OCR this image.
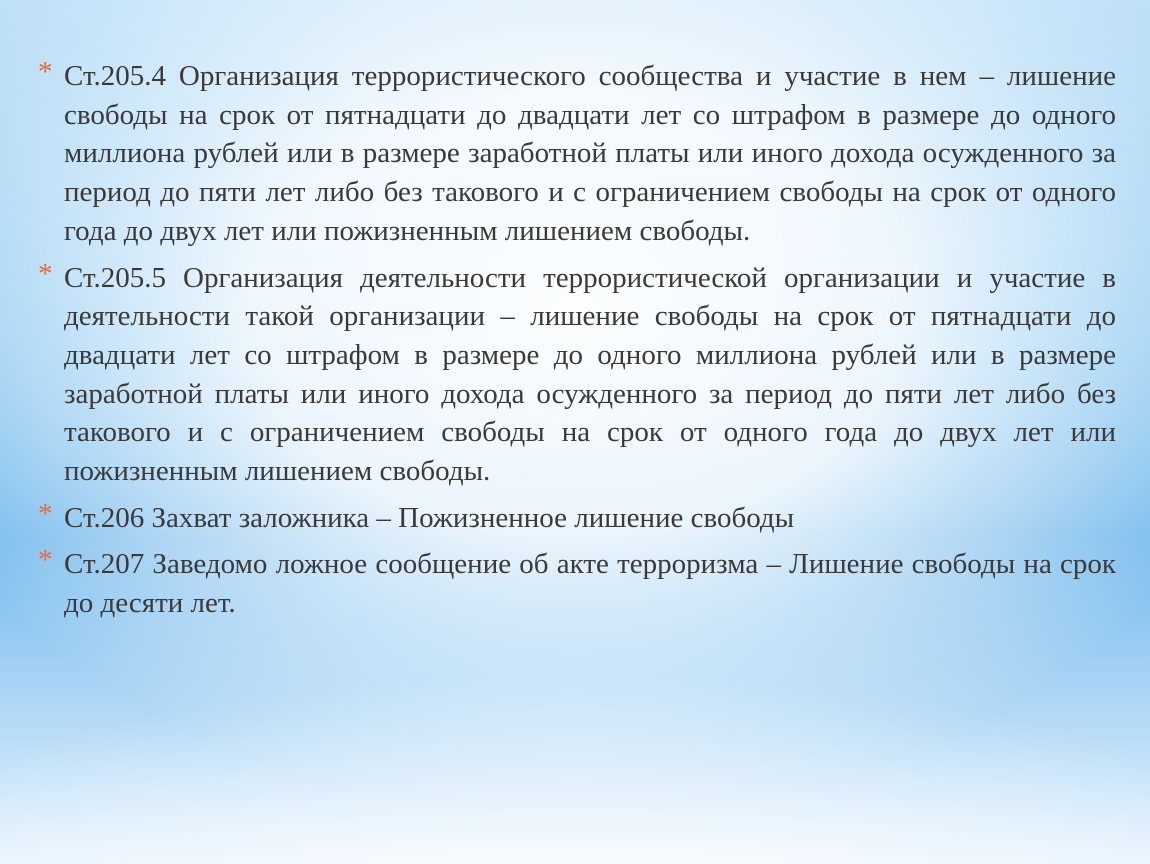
* Ст.205.4 Организация террористического сообщества и участие в нем – лишение свободы на срок от пятнадцати до двадцати лет со штрафом в размере до одного миллиона рублей или в размере заработной платы или иного дохода осужденного за период до пяти лет либо без такового и с ограничением свободы на срок от одного года до двух лет или пожизненным лишением свободы.
* Ст.205.5 Организация деятельности террористической организации и участие в деятельности такой организации – лишение свободы на срок от пятнадцати до двадцати лет со штрафом в размере до одного миллиона рублей или в размере заработной платы или иного дохода осужденного за период до пяти лет либо без такового и с ограничением свободы на срок от одного года до двух лет или пожизненным лишением свободы.
* Ст.206 Захват заложника – Пожизненное лишение свободы
* Ст.207 Заведомо ложное сообщение об акте терроризма – Лишение свободы на срок до десяти лет.
